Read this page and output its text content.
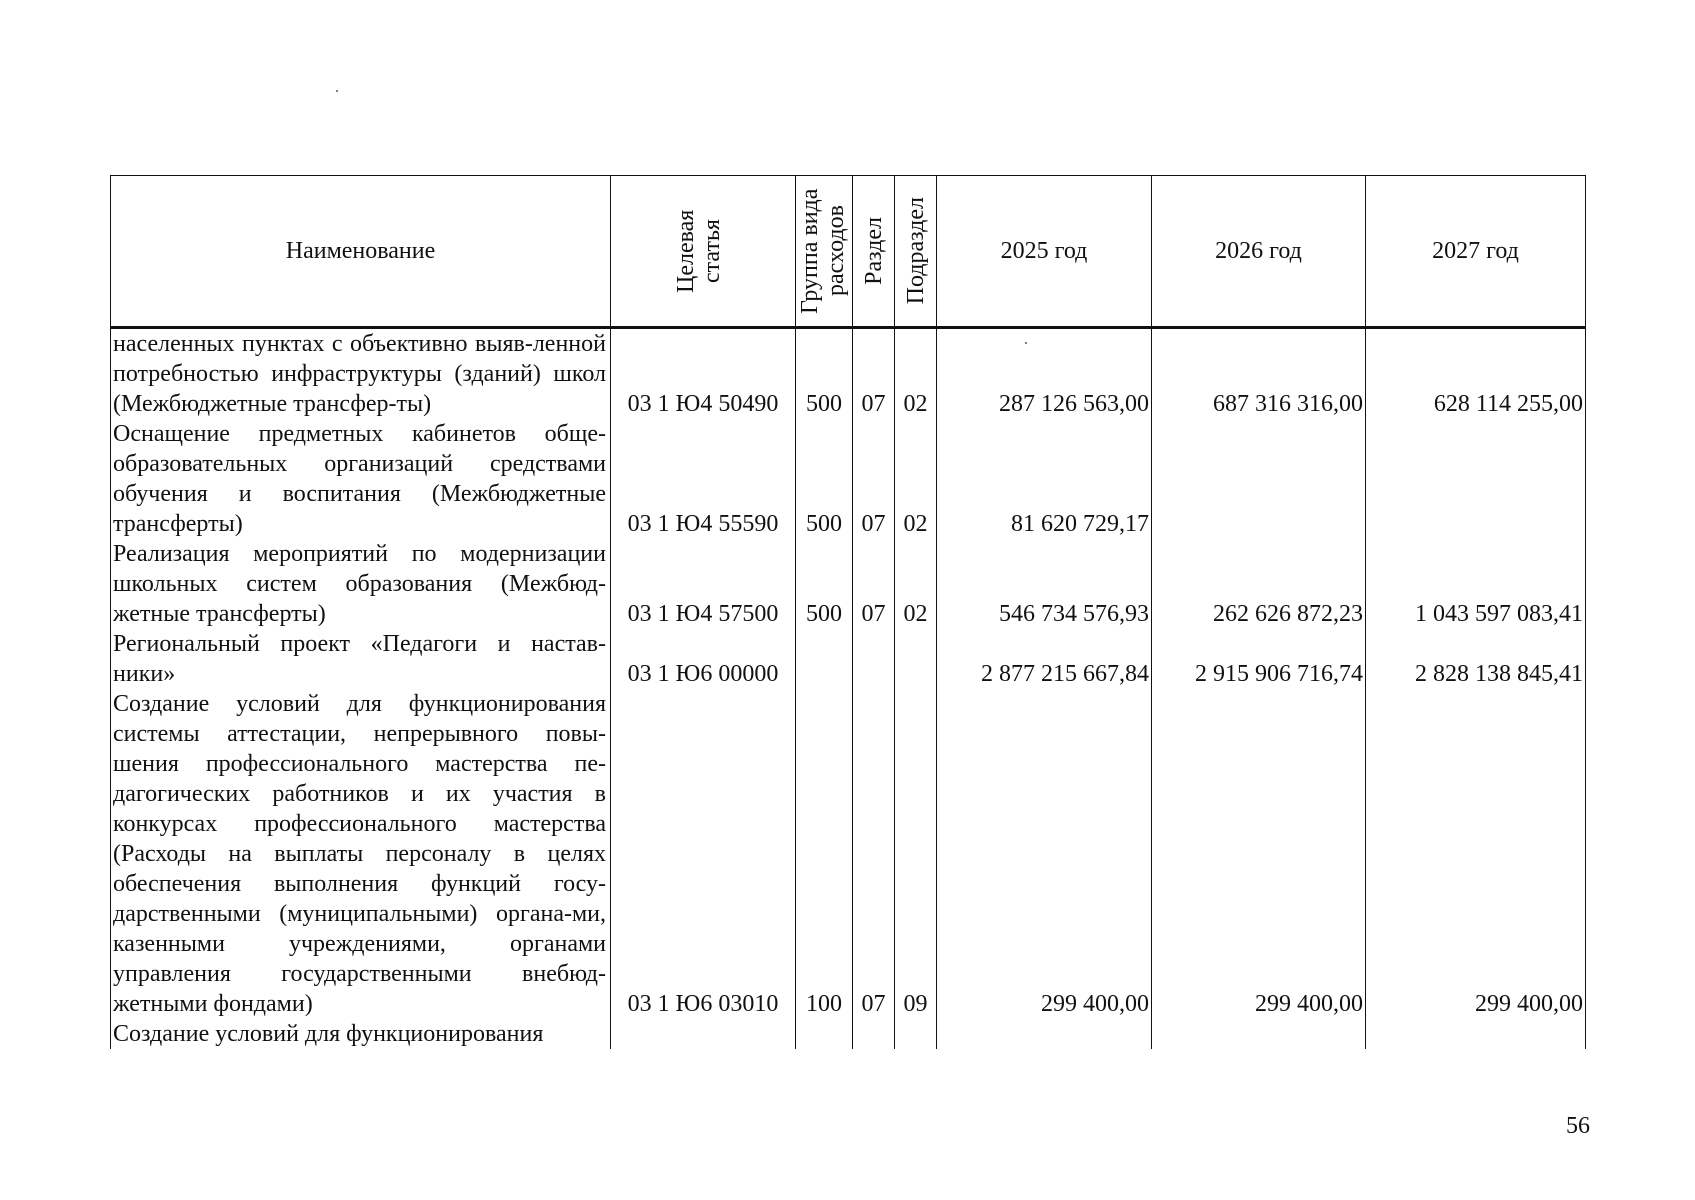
Наименование	Целевая статья	Группа вида расходов	Раздел	Подраздел	2025 год	2026 год	2027 год
населенных пунктах с объективно выяв-ленной потребностью инфраструктуры (зданий) школ (Межбюджетные трансфер-ты)	03 1 Ю4 50490	500	07	02	287 126 563,00	687 316 316,00	628 114 255,00
Оснащение предметных кабинетов обще-образовательных организаций средствами обучения и воспитания (Межбюджетные трансферты)	03 1 Ю4 55590	500	07	02	81 620 729,17		
Реализация мероприятий по модернизации школьных систем образования (Межбюд-жетные трансферты)	03 1 Ю4 57500	500	07	02	546 734 576,93	262 626 872,23	1 043 597 083,41
Региональный проект «Педагоги и настав-ники»	03 1 Ю6 00000				2 877 215 667,84	2 915 906 716,74	2 828 138 845,41
Создание условий для функционирования системы аттестации, непрерывного повы-шения профессионального мастерства пе-дагогических работников и их участия в конкурсах профессионального мастерства (Расходы на выплаты персоналу в целях обеспечения выполнения функций госу-дарственными (муниципальными) органа-ми, казенными учреждениями, органами управления государственными внебюд-жетными фондами)	03 1 Ю6 03010	100	07	09	299 400,00	299 400,00	299 400,00
Создание условий для функционирования							
56
